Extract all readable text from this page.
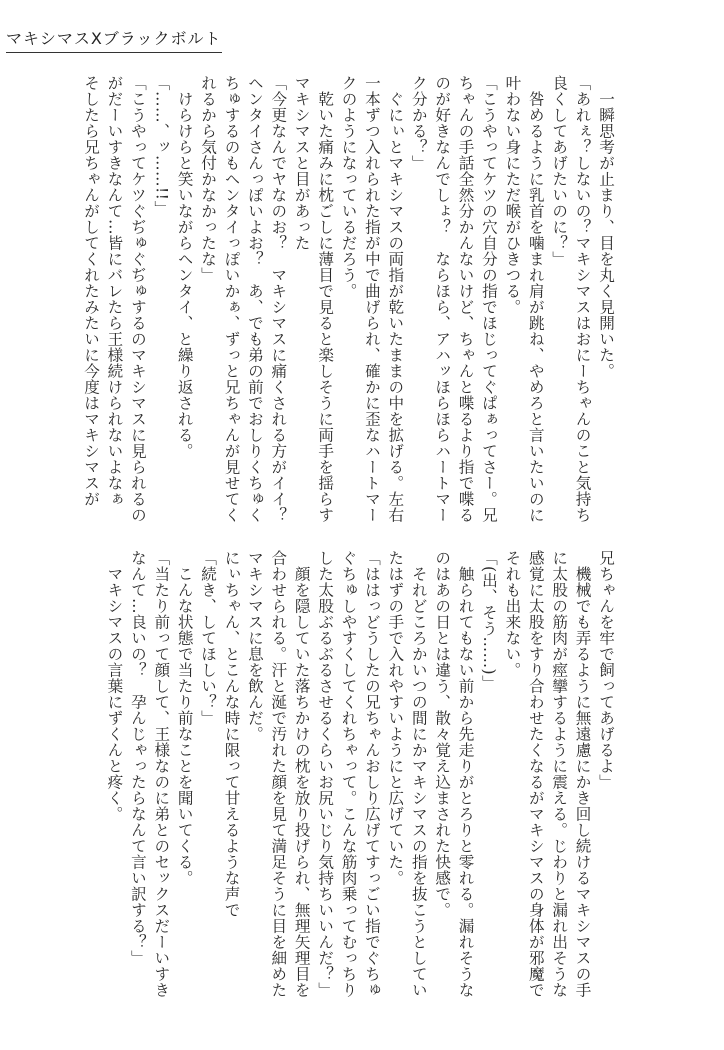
マキシマスXブラックボルト
　一瞬思考が止まり、目を丸く見開いた。
「あれぇ？しないの？マキシマスはおにーちゃんのこと気持ち
良くしてあげたいのに？」
　咎めるように乳首を噛まれ肩が跳ね、やめろと言いたいのに
叶わない身にただ喉がひきつる。
「こうやってケツの穴自分の指でほじってぐぱぁってさー。兄
ちゃんの手話全然分かんないけど、ちゃんと喋るより指で喋る
のが好きなんでしょ？　ならほら、アハッほらほらハートマー
ク分かる？」
　ぐにぃとマキシマスの両指が乾いたままの中を拡げる。左右
一本ずつ入れられた指が中で曲げられ、確かに歪なハートマー
クのようになっているだろう。
　乾いた痛みに枕ごしに薄目で見ると楽しそうに両手を揺らす
マキシマスと目があった
「今更なんでヤなのお？　マキシマスに痛くされる方がイイ？
ヘンタイさんっぽいよお？　あ、でも弟の前でおしりくちゅく
ちゅするのもヘンタイっぽいかぁ、ずっと兄ちゃんが見せてく
れるから気付かなかったな」
　けらけらと笑いながらヘンタイ、と繰り返される。
「……、ッ……!!」
「こうやってケツぐぢゅぐぢゅするのマキシマスに見られるの
がだーいすきなんて…皆にバレたら王様続けられないよなぁ
そしたら兄ちゃんがしてくれたみたいに今度はマキシマスが
兄ちゃんを牢で飼ってあげるよ」
　機械でも弄るように無遠慮にかき回し続けるマキシマスの手
に太股の筋肉が痙攣するように震える。じわりと漏れ出そうな
感覚に太股をすり合わせたくなるがマキシマスの身体が邪魔で
それも出来ない。
「(出、そう……)」
　触られてもない前から先走りがとろりと零れる。漏れそうな
のはあの日とは違う、散々覚え込まされた快感で。
　それどころかいつの間にかマキシマスの指を抜こうとしてい
たはずの手で入れやすいようにと広げていた。
「ははっどうしたの兄ちゃんおしり広げてすっごい指でぐちゅ
ぐちゅしやすくしてくれちゃって。こんな筋肉乗ってむっちり
した太股ぶるぶるさせるくらいお尻いじり気持ちいいんだ？」
　顔を隠していた落ちかけの枕を放り投げられ、無理矢理目を
合わせられる。汗と涎で汚れた顔を見て満足そうに目を細めた
マキシマスに息を飲んだ。
にぃちゃん、とこんな時に限って甘えるような声で
「続き、してほしい？」
　こんな状態で当たり前なことを聞いてくる。
「当たり前って顔して、王様なのに弟とのセックスだーいすき
なんて…良いの？　孕んじゃったらなんて言い訳する？」
　マキシマスの言葉にずくんと疼く。
